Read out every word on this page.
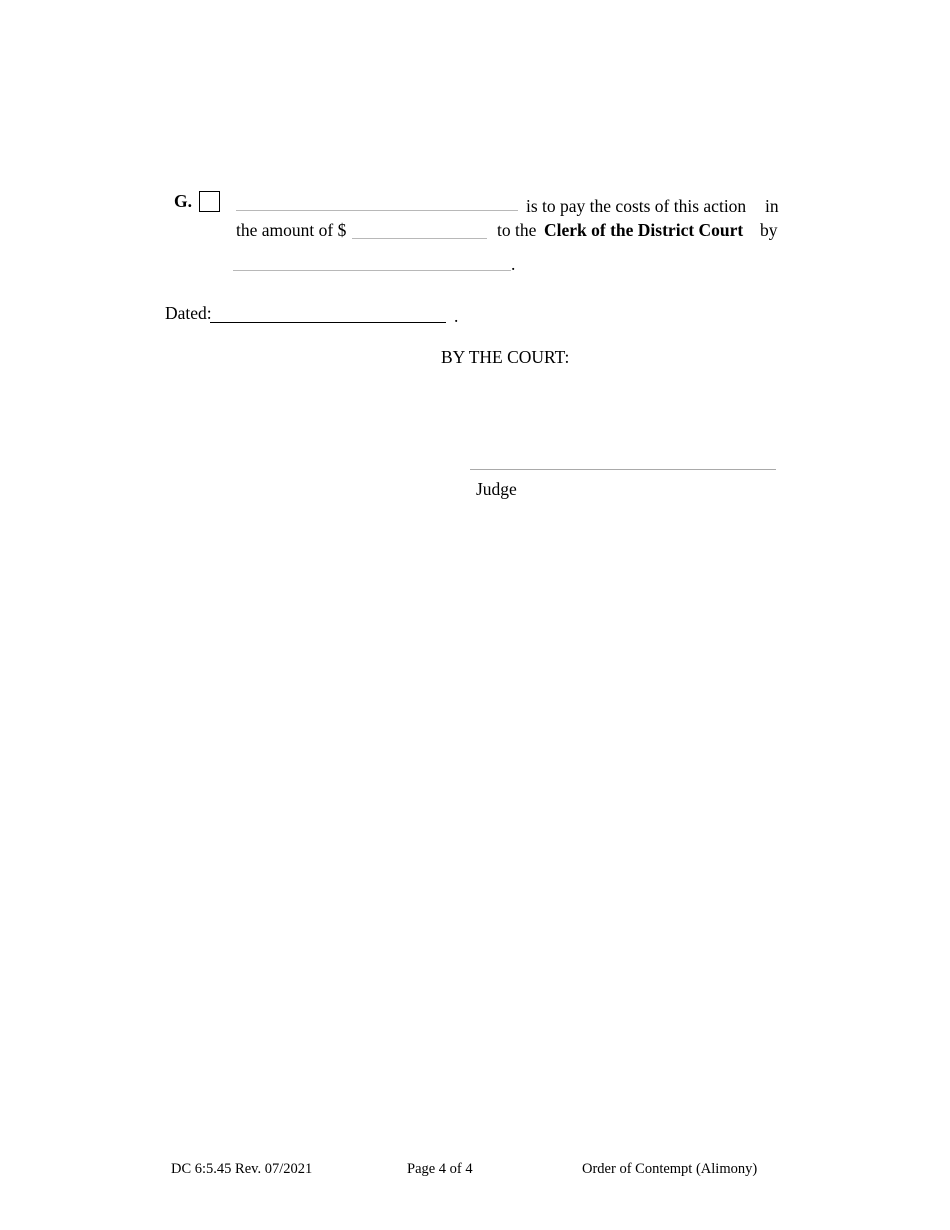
G.	is to pay the costs of this action in
the amount of $	to the Clerk of the District Court by
.
Dated:	.
BY THE COURT:
Judge
DC 6:5.45 Rev. 07/2021	Page 4 of 4	Order of Contempt (Alimony)
